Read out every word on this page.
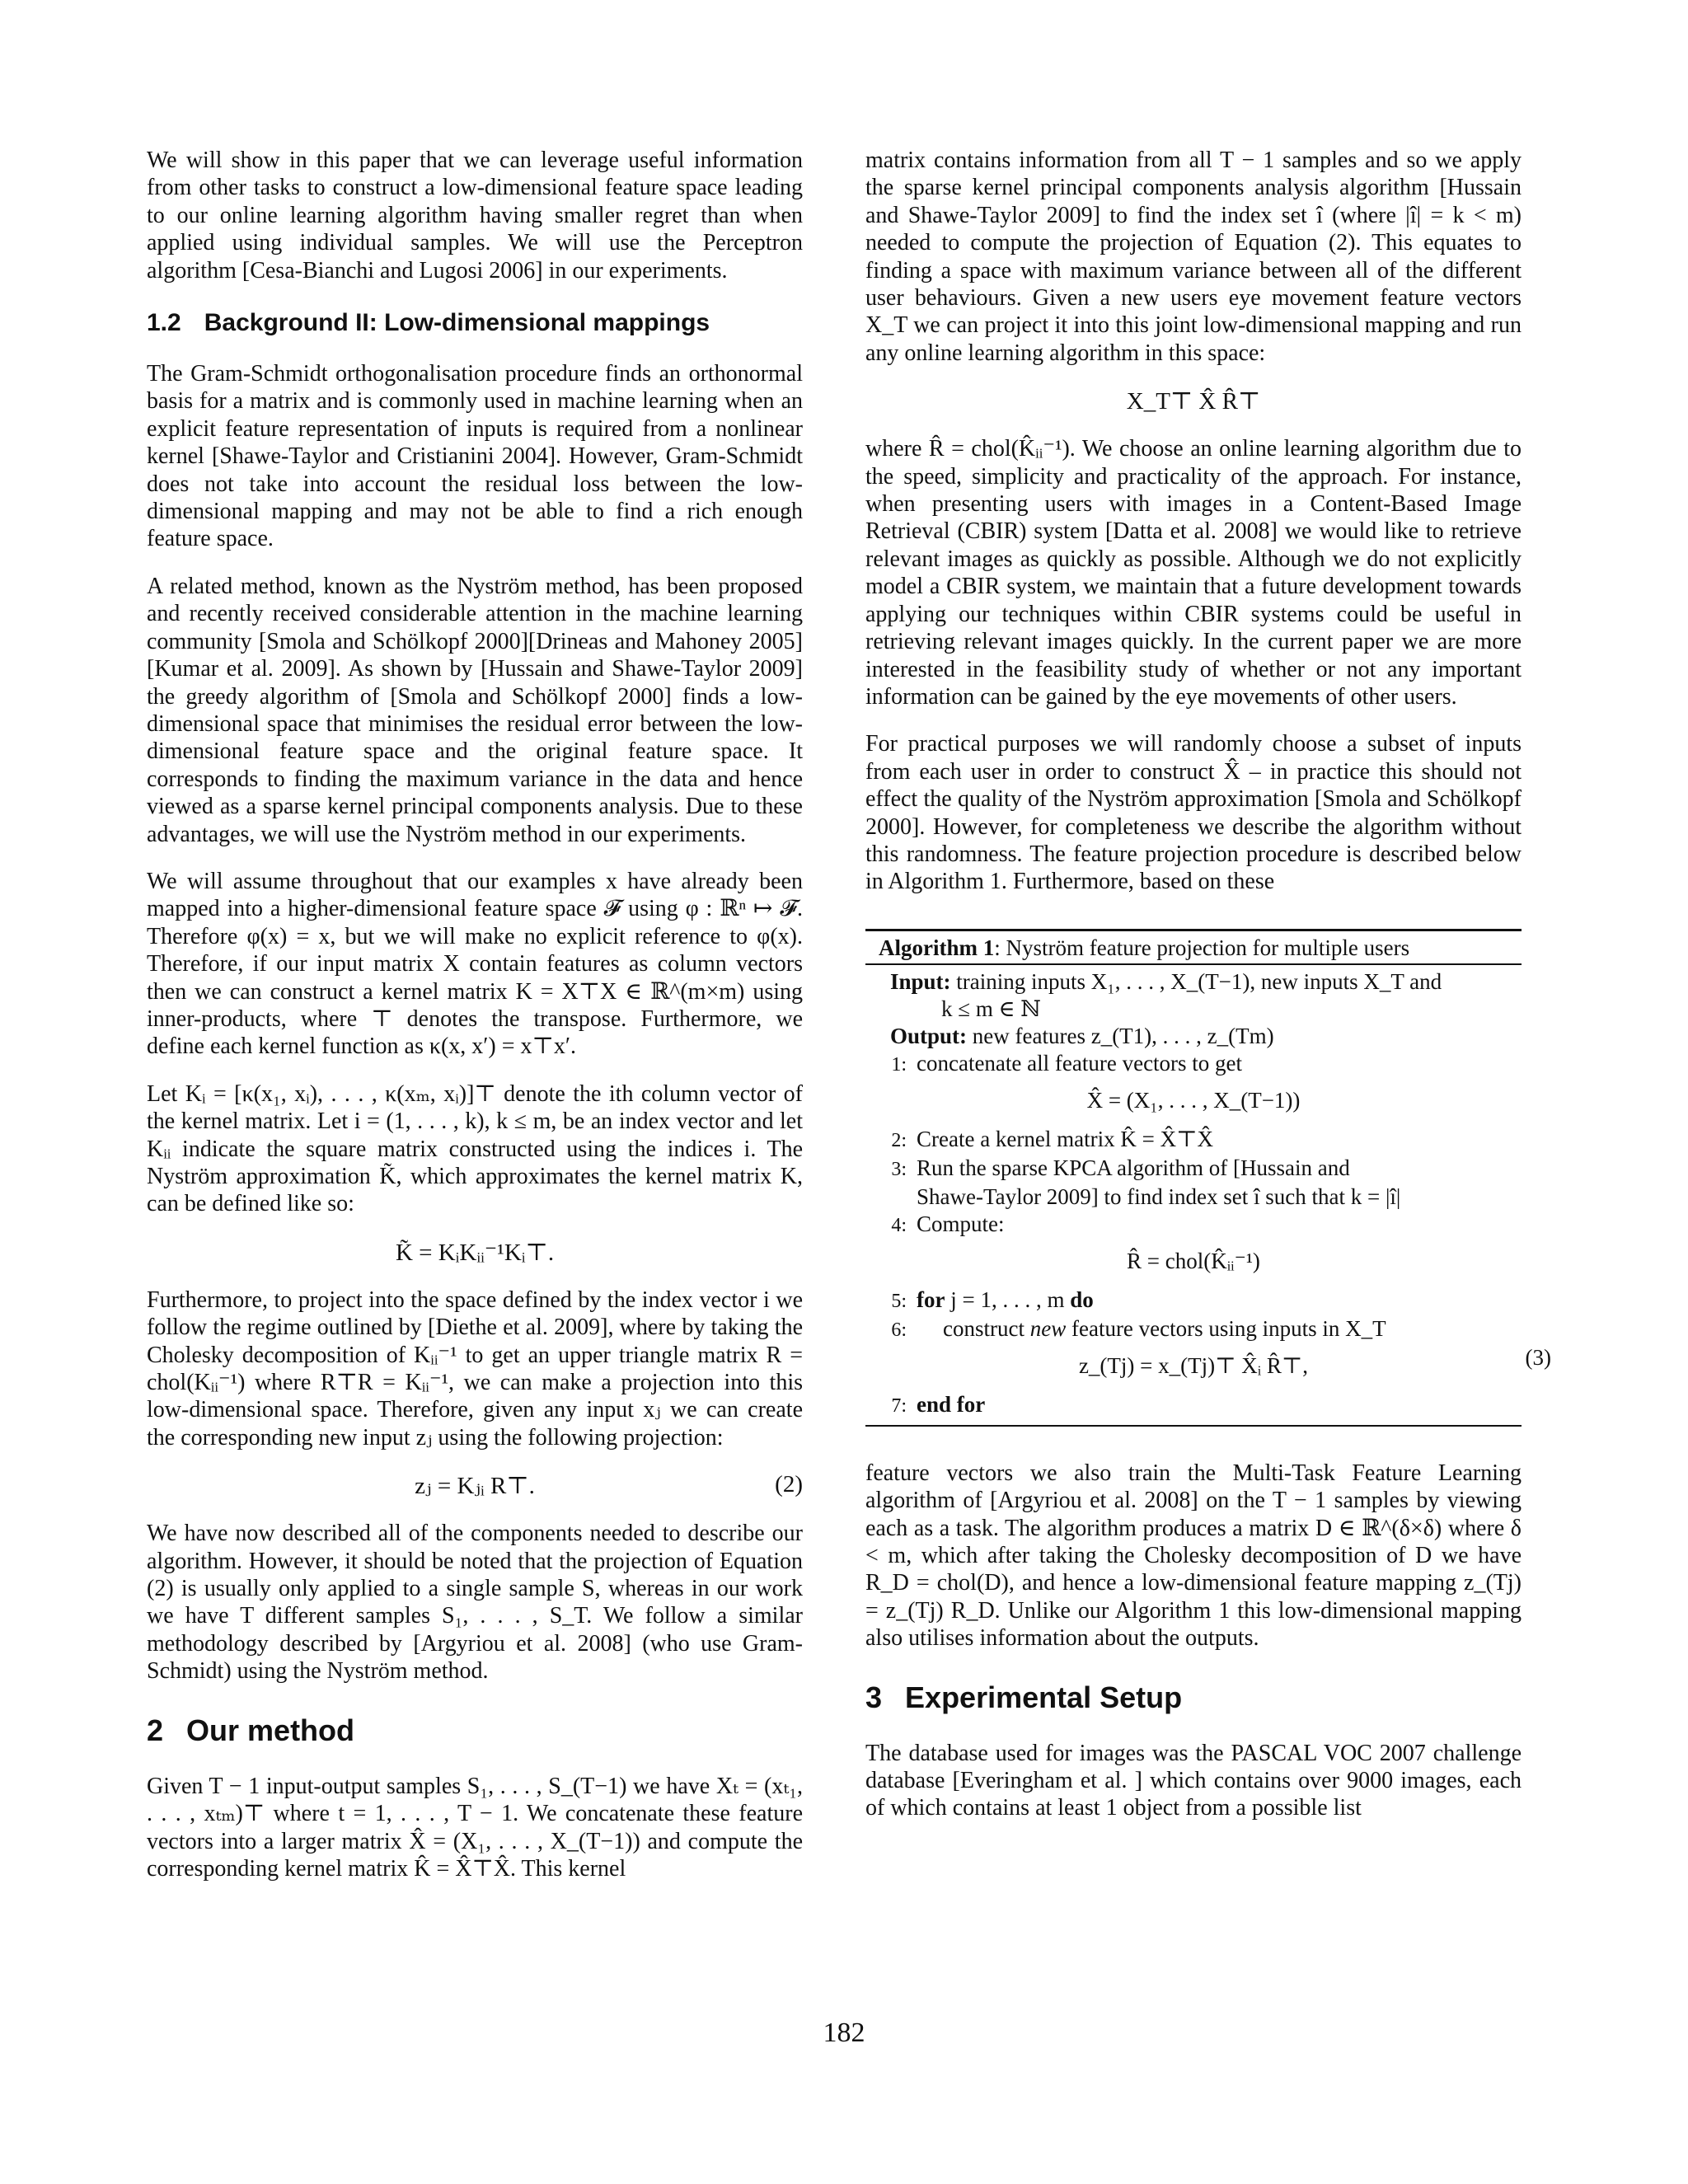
We will show in this paper that we can leverage useful information from other tasks to construct a low-dimensional feature space leading to our online learning algorithm having smaller regret than when applied using individual samples. We will use the Perceptron algorithm [Cesa-Bianchi and Lugosi 2006] in our experiments.

1.2 Background II: Low-dimensional mappings

The Gram-Schmidt orthogonalisation procedure finds an orthonormal basis for a matrix and is commonly used in machine learning when an explicit feature representation of inputs is required from a nonlinear kernel [Shawe-Taylor and Cristianini 2004]. However, Gram-Schmidt does not take into account the residual loss between the low-dimensional mapping and may not be able to find a rich enough feature space.

A related method, known as the Nyström method, has been proposed and recently received considerable attention in the machine learning community [Smola and Schölkopf 2000][Drineas and Mahoney 2005][Kumar et al. 2009]. As shown by [Hussain and Shawe-Taylor 2009] the greedy algorithm of [Smola and Schölkopf 2000] finds a low-dimensional space that minimises the residual error between the low-dimensional feature space and the original feature space. It corresponds to finding the maximum variance in the data and hence viewed as a sparse kernel principal components analysis. Due to these advantages, we will use the Nyström method in our experiments.

We will assume throughout that our examples x have already been mapped into a higher-dimensional feature space 𝓕 using φ : ℝⁿ ↦ 𝓕. Therefore φ(x) = x, but we will make no explicit reference to φ(x). Therefore, if our input matrix X contain features as column vectors then we can construct a kernel matrix K = X⊤X ∈ ℝ^(m×m) using inner-products, where ⊤ denotes the transpose. Furthermore, we define each kernel function as κ(x, x′) = x⊤x′.

Let Kᵢ = [κ(x₁, xᵢ), . . . , κ(xₘ, xᵢ)]⊤ denote the ith column vector of the kernel matrix. Let i = (1, . . . , k), k ≤ m, be an index vector and let Kᵢᵢ indicate the square matrix constructed using the indices i. The Nyström approximation K̃, which approximates the kernel matrix K, can be defined like so:

K̃ = KᵢKᵢᵢ⁻¹Kᵢ⊤.

Furthermore, to project into the space defined by the index vector i we follow the regime outlined by [Diethe et al. 2009], where by taking the Cholesky decomposition of Kᵢᵢ⁻¹ to get an upper triangle matrix R = chol(Kᵢᵢ⁻¹) where R⊤R = Kᵢᵢ⁻¹, we can make a projection into this low-dimensional space. Therefore, given any input xⱼ we can create the corresponding new input zⱼ using the following projection:

zⱼ = Kⱼᵢ R⊤.	(2)

We have now described all of the components needed to describe our algorithm. However, it should be noted that the projection of Equation (2) is usually only applied to a single sample S, whereas in our work we have T different samples S₁, . . . , S_T. We follow a similar methodology described by [Argyriou et al. 2008] (who use Gram-Schmidt) using the Nyström method.

2 Our method

Given T − 1 input-output samples S₁, . . . , S_(T−1) we have Xₜ = (xₜ₁, . . . , xₜₘ)⊤ where t = 1, . . . , T − 1. We concatenate these feature vectors into a larger matrix X̂ = (X₁, . . . , X_(T−1)) and compute the corresponding kernel matrix K̂ = X̂⊤X̂. This kernel

matrix contains information from all T − 1 samples and so we apply the sparse kernel principal components analysis algorithm [Hussain and Shawe-Taylor 2009] to find the index set î (where |î| = k < m) needed to compute the projection of Equation (2). This equates to finding a space with maximum variance between all of the different user behaviours. Given a new users eye movement feature vectors X_T we can project it into this joint low-dimensional mapping and run any online learning algorithm in this space:

X_T⊤ X̂ R̂⊤

where R̂ = chol(K̂ᵢᵢ⁻¹). We choose an online learning algorithm due to the speed, simplicity and practicality of the approach. For instance, when presenting users with images in a Content-Based Image Retrieval (CBIR) system [Datta et al. 2008] we would like to retrieve relevant images as quickly as possible. Although we do not explicitly model a CBIR system, we maintain that a future development towards applying our techniques within CBIR systems could be useful in retrieving relevant images quickly. In the current paper we are more interested in the feasibility study of whether or not any important information can be gained by the eye movements of other users.

For practical purposes we will randomly choose a subset of inputs from each user in order to construct X̂ – in practice this should not effect the quality of the Nyström approximation [Smola and Schölkopf 2000]. However, for completeness we describe the algorithm without this randomness. The feature projection procedure is described below in Algorithm 1. Furthermore, based on these

Algorithm 1: Nyström feature projection for multiple users
Input: training inputs X₁, . . . , X_(T−1), new inputs X_T and
k ≤ m ∈ ℕ
Output: new features z_(T1), . . . , z_(Tm)
1: concatenate all feature vectors to get
X̂ = (X₁, . . . , X_(T−1))
2: Create a kernel matrix K̂ = X̂⊤X̂
3: Run the sparse KPCA algorithm of [Hussain and
Shawe-Taylor 2009] to find index set î such that k = |î|
4: Compute:
R̂ = chol(K̂ᵢᵢ⁻¹)
5: for j = 1, . . . , m do
6: construct new feature vectors using inputs in X_T
z_(Tj) = x_(Tj)⊤ X̂ᵢ R̂⊤,	(3)
7: end for

feature vectors we also train the Multi-Task Feature Learning algorithm of [Argyriou et al. 2008] on the T − 1 samples by viewing each as a task. The algorithm produces a matrix D ∈ ℝ^(δ×δ) where δ < m, which after taking the Cholesky decomposition of D we have R_D = chol(D), and hence a low-dimensional feature mapping z_(Tj) = z_(Tj) R_D. Unlike our Algorithm 1 this low-dimensional mapping also utilises information about the outputs.

3 Experimental Setup

The database used for images was the PASCAL VOC 2007 challenge database [Everingham et al. ] which contains over 9000 images, each of which contains at least 1 object from a possible list

182
